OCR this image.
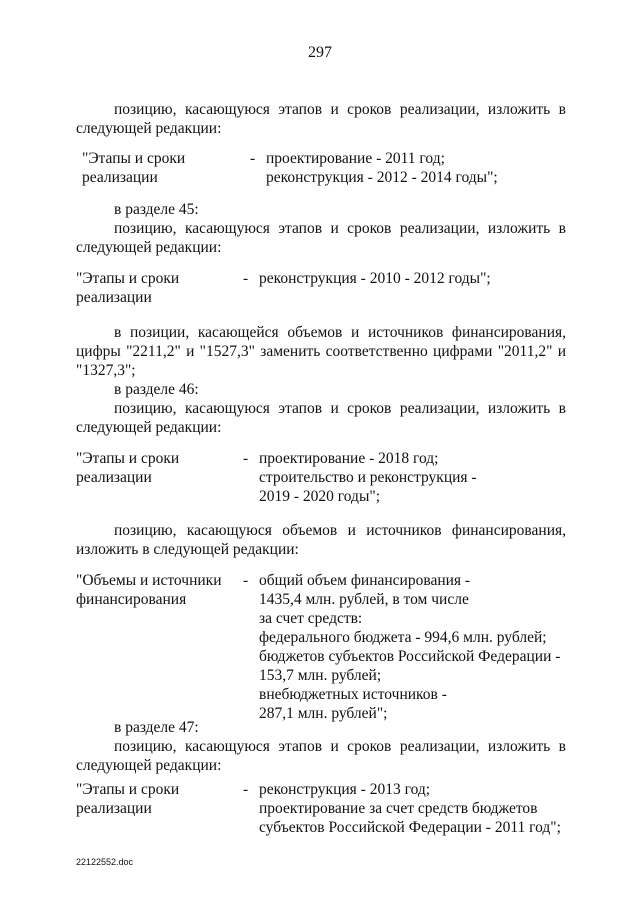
297
позицию, касающуюся этапов и сроков реализации, изложить в
следующей редакции:
"Этапы и сроки
реализации
- проектирование - 2011 год;
реконструкция - 2012 - 2014 годы";
в разделе 45:
позицию, касающуюся этапов и сроков реализации, изложить в
следующей редакции:
"Этапы и сроки
реализации
- реконструкция - 2010 - 2012 годы";
в позиции, касающейся объемов и источников финансирования,
цифры "2211,2" и "1527,3" заменить соответственно цифрами "2011,2" и
"1327,3";
в разделе 46:
позицию, касающуюся этапов и сроков реализации, изложить в
следующей редакции:
"Этапы и сроки
реализации
- проектирование - 2018 год;
строительство и реконструкция -
2019 - 2020 годы";
позицию, касающуюся объемов и источников финансирования,
изложить в следующей редакции:
"Объемы и источники
финансирования
- общий объем финансирования -
1435,4 млн. рублей, в том числе
за счет средств:
федерального бюджета - 994,6 млн. рублей;
бюджетов субъектов Российской Федерации -
153,7 млн. рублей;
внебюджетных источников -
287,1 млн. рублей";
в разделе 47:
позицию, касающуюся этапов и сроков реализации, изложить в
следующей редакции:
"Этапы и сроки
реализации
- реконструкция - 2013 год;
проектирование за счет средств бюджетов
субъектов Российской Федерации - 2011 год";
22122552.doc
